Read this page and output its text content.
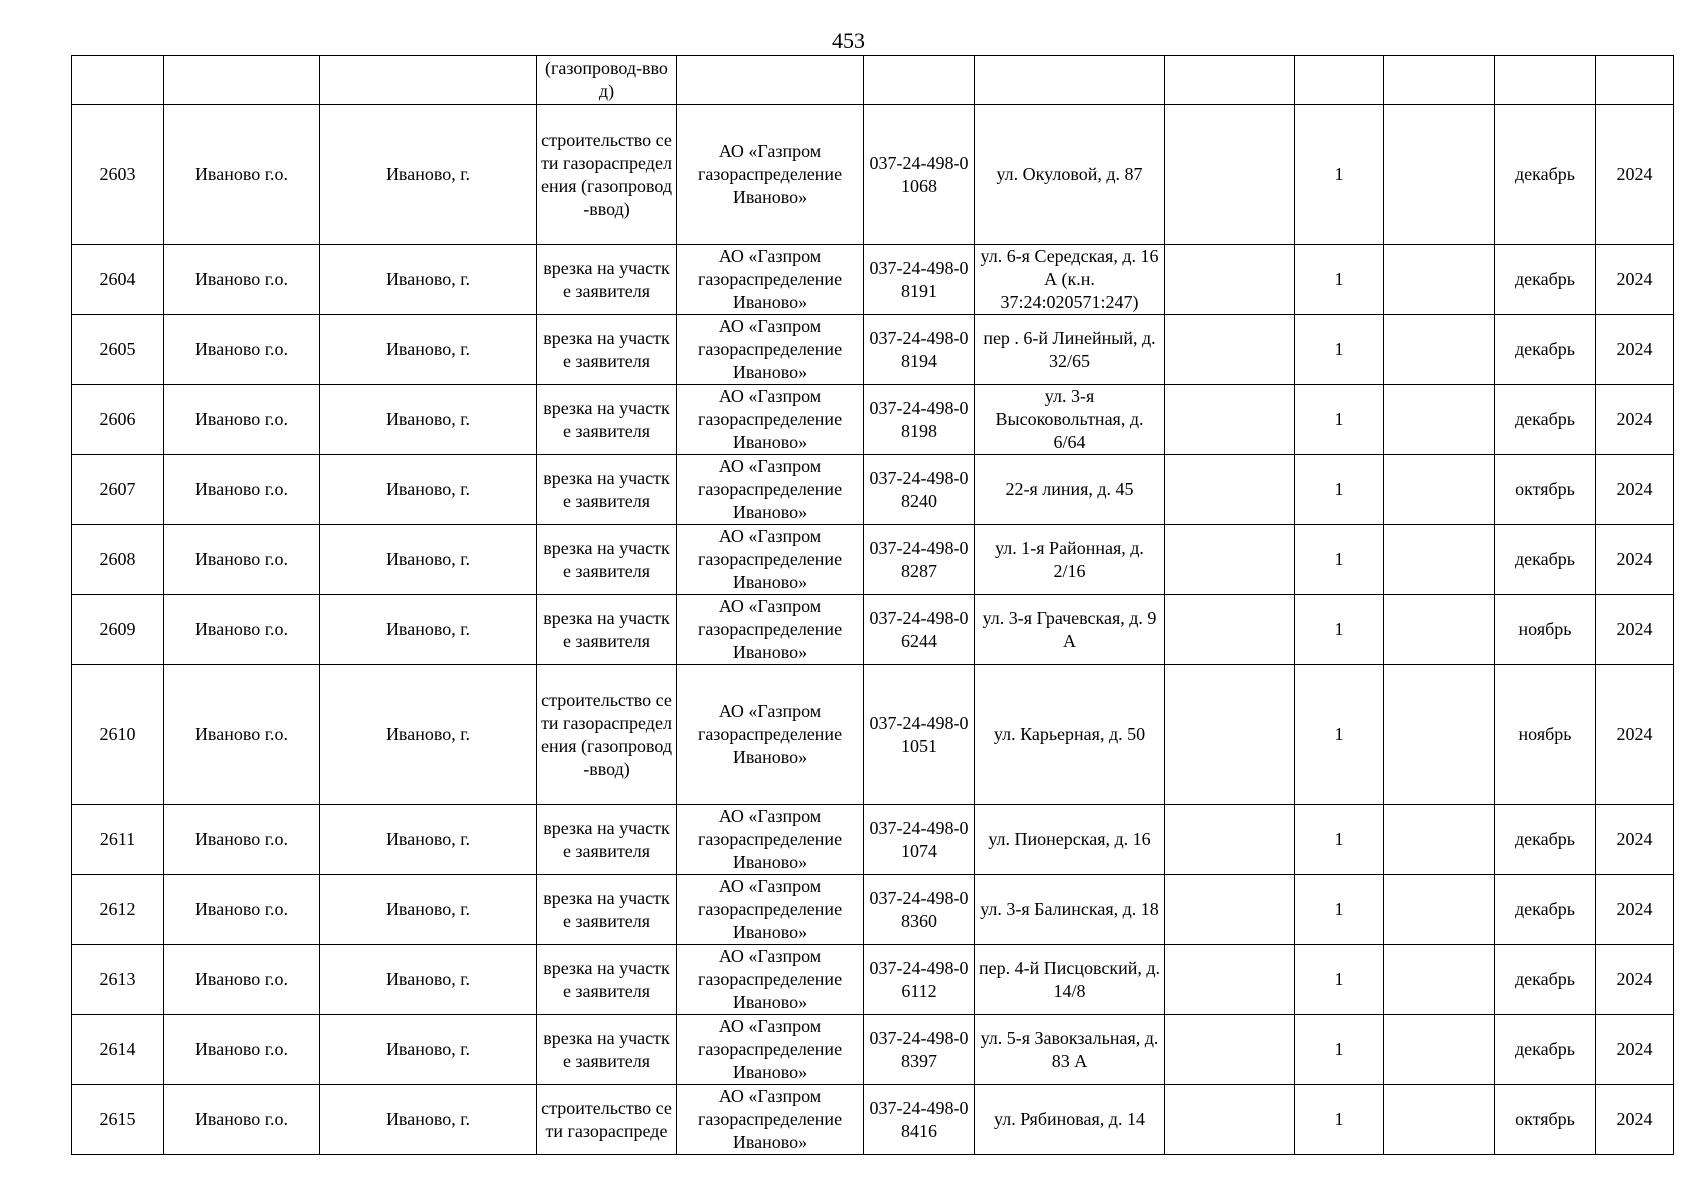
453
			(газопровод-ввод)								
2603	Иваново г.о.	Иваново, г.	строительство сети газораспределения (газопровод-ввод)	АО «Газпром газораспределение Иваново»	037-24-498-01068	ул. Окуловой, д. 87		1		декабрь	2024
2604	Иваново г.о.	Иваново, г.	врезка на участке заявителя	АО «Газпром газораспределение Иваново»	037-24-498-08191	ул. 6-я Середская, д. 16 А (к.н. 37:24:020571:247)		1		декабрь	2024
2605	Иваново г.о.	Иваново, г.	врезка на участке заявителя	АО «Газпром газораспределение Иваново»	037-24-498-08194	пер . 6-й Линейный, д. 32/65		1		декабрь	2024
2606	Иваново г.о.	Иваново, г.	врезка на участке заявителя	АО «Газпром газораспределение Иваново»	037-24-498-08198	ул. 3-я Высоковольтная, д. 6/64		1		декабрь	2024
2607	Иваново г.о.	Иваново, г.	врезка на участке заявителя	АО «Газпром газораспределение Иваново»	037-24-498-08240	22-я линия, д. 45		1		октябрь	2024
2608	Иваново г.о.	Иваново, г.	врезка на участке заявителя	АО «Газпром газораспределение Иваново»	037-24-498-08287	ул. 1-я Районная, д. 2/16		1		декабрь	2024
2609	Иваново г.о.	Иваново, г.	врезка на участке заявителя	АО «Газпром газораспределение Иваново»	037-24-498-06244	ул. 3-я Грачевская, д. 9 А		1		ноябрь	2024
2610	Иваново г.о.	Иваново, г.	строительство сети газораспределения (газопровод-ввод)	АО «Газпром газораспределение Иваново»	037-24-498-01051	ул. Карьерная, д. 50		1		ноябрь	2024
2611	Иваново г.о.	Иваново, г.	врезка на участке заявителя	АО «Газпром газораспределение Иваново»	037-24-498-01074	ул. Пионерская, д. 16		1		декабрь	2024
2612	Иваново г.о.	Иваново, г.	врезка на участке заявителя	АО «Газпром газораспределение Иваново»	037-24-498-08360	ул. 3-я Балинская, д. 18		1		декабрь	2024
2613	Иваново г.о.	Иваново, г.	врезка на участке заявителя	АО «Газпром газораспределение Иваново»	037-24-498-06112	пер. 4-й Писцовский, д. 14/8		1		декабрь	2024
2614	Иваново г.о.	Иваново, г.	врезка на участке заявителя	АО «Газпром газораспределение Иваново»	037-24-498-08397	ул. 5-я Завокзальная, д. 83 А		1		декабрь	2024
2615	Иваново г.о.	Иваново, г.	строительство сети газораспреде	АО «Газпром газораспределение Иваново»	037-24-498-08416	ул. Рябиновая, д. 14		1		октябрь	2024
